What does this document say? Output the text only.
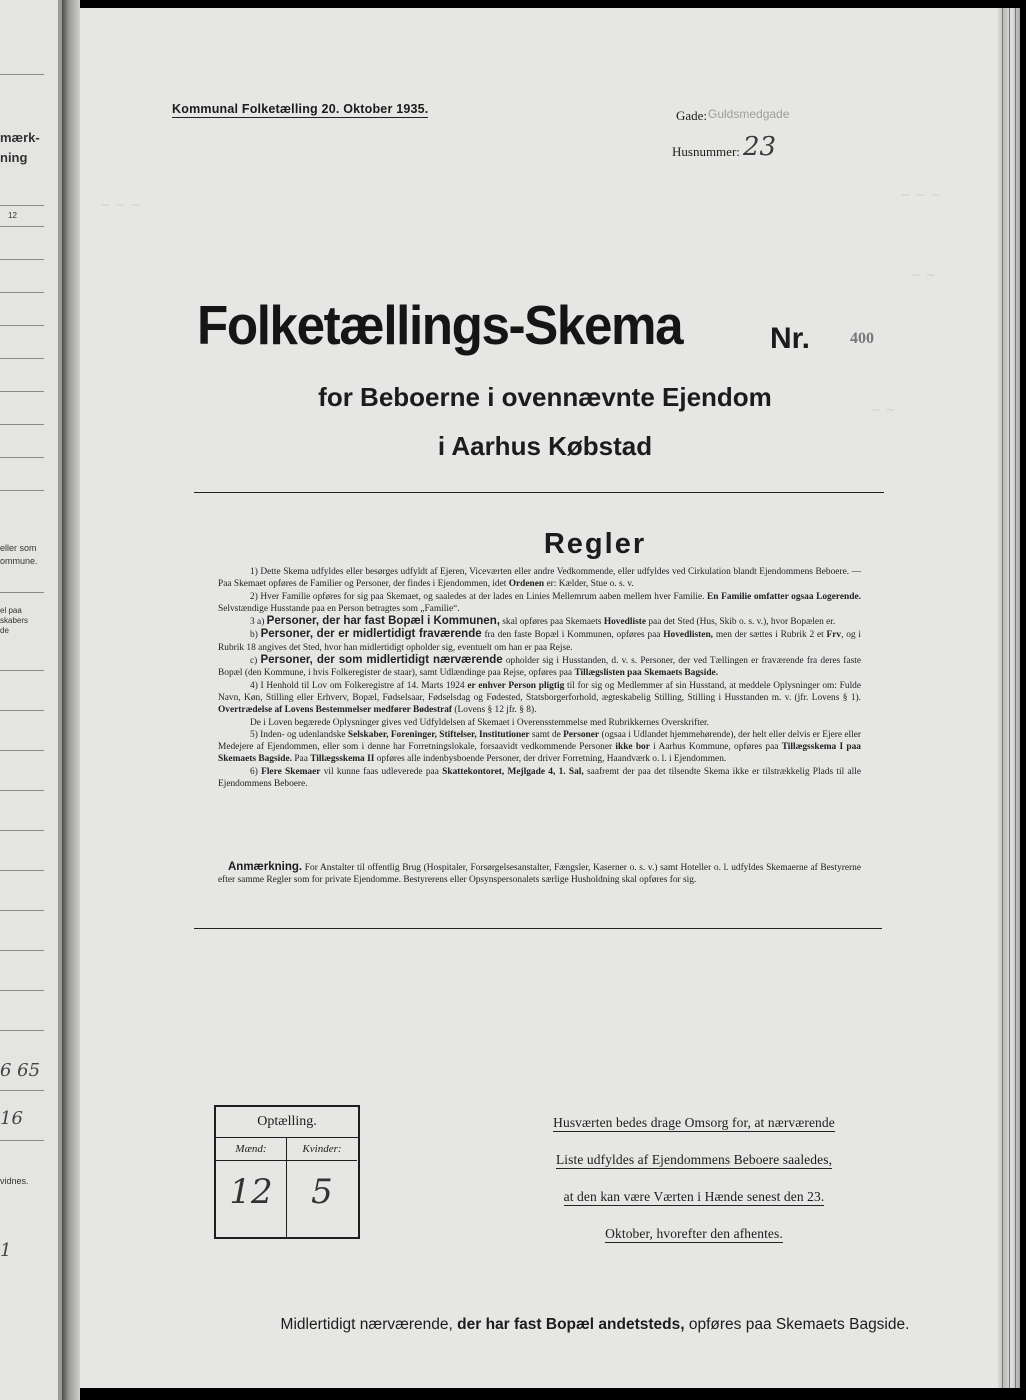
mærk-
ning
12
eller som
ommune.
el paa
skabers
de
6 65
16
vidnes.
1
~ ~ ~
~ ~ ~
~ ~
~ ~
Kommunal Folketælling 20. Oktober 1935.	Gade: Guldsmedgade
Husnummer: 23
Folketællings-Skema	Nr. 400
for Beboerne i ovennævnte Ejendom
i Aarhus Købstad
Regler

1) Dette Skema udfyldes eller besørges udfyldt af Ejeren, Viceværten eller andre Vedkommende, eller udfyldes ved Cirkulation blandt Ejendommens Beboere. — Paa Skemaet opføres de Familier og Personer, der findes i Ejendommen, idet Ordenen er: Kælder, Stue o. s. v.

2) Hver Familie opføres for sig paa Skemaet, og saaledes at der lades en Linies Mellemrum aaben mellem hver Familie. En Familie omfatter ogsaa Logerende. Selvstændige Husstande paa en Person betragtes som „Familie“.

3 a) Personer, der har fast Bopæl i Kommunen, skal opføres paa Skemaets Hovedliste paa det Sted (Hus, Skib o. s. v.), hvor Bopælen er.

b) Personer, der er midlertidigt fraværende fra den faste Bopæl i Kommunen, opføres paa Hovedlisten, men der sættes i Rubrik 2 et Frv, og i Rubrik 18 angives det Sted, hvor han midlertidigt opholder sig, eventuelt om han er paa Rejse.

c) Personer, der som midlertidigt nærværende opholder sig i Husstanden, d. v. s. Personer, der ved Tællingen er fraværende fra deres faste Bopæl (den Kommune, i hvis Folkeregister de staar), samt Udlændinge paa Rejse, opføres paa Tillægslisten paa Skemaets Bagside.

4) I Henhold til Lov om Folkeregistre af 14. Marts 1924 er enhver Person pligtig til for sig og Medlemmer af sin Husstand, at meddele Oplysninger om: Fulde Navn, Køn, Stilling eller Erhverv, Bopæl, Fødselsaar, Fødselsdag og Fødested, Statsborgerforhold, ægteskabelig Stilling, Stilling i Husstanden m. v. (jfr. Lovens § 1). Overtrædelse af Lovens Bestemmelser medfører Bødestraf (Lovens § 12 jfr. § 8).

De i Loven begærede Oplysninger gives ved Udfyldelsen af Skemaet i Overensstemmelse med Rubrikkernes Overskrifter.

5) Inden- og udenlandske Selskaber, Foreninger, Stiftelser, Institutioner samt de Personer (ogsaa i Udlandet hjemmehørende), der helt eller delvis er Ejere eller Medejere af Ejendommen, eller som i denne har Forretningslokale, forsaavidt vedkommende Personer ikke bor i Aarhus Kommune, opføres paa Tillægsskema I paa Skemaets Bagside. Paa Tillægsskema II opføres alle indenbysboende Personer, der driver Forretning, Haandværk o. l. i Ejendommen.

6) Flere Skemaer vil kunne faas udleverede paa Skattekontoret, Mejlgade 4, 1. Sal, saafremt der paa det tilsendte Skema ikke er tilstrækkelig Plads til alle Ejendommens Beboere.

Anmærkning. For Anstalter til offentlig Brug (Hospitaler, Forsørgelsesanstalter, Fængsler, Kaserner o. s. v.) samt Hoteller o. l. udfyldes Skemaerne af Bestyrerne efter samme Regler som for private Ejendomme. Bestyrerens eller Opsynspersonalets særlige Husholdning skal opføres for sig.
Optælling.
Mænd:
12
Kvinder:
5
Husværten bedes drage Omsorg for, at nærværende
Liste udfyldes af Ejendommens Beboere saaledes,
at den kan være Værten i Hænde senest den 23.
Oktober, hvorefter den afhentes.
Midlertidigt nærværende, der har fast Bopæl andetsteds, opføres paa Skemaets Bagside.
